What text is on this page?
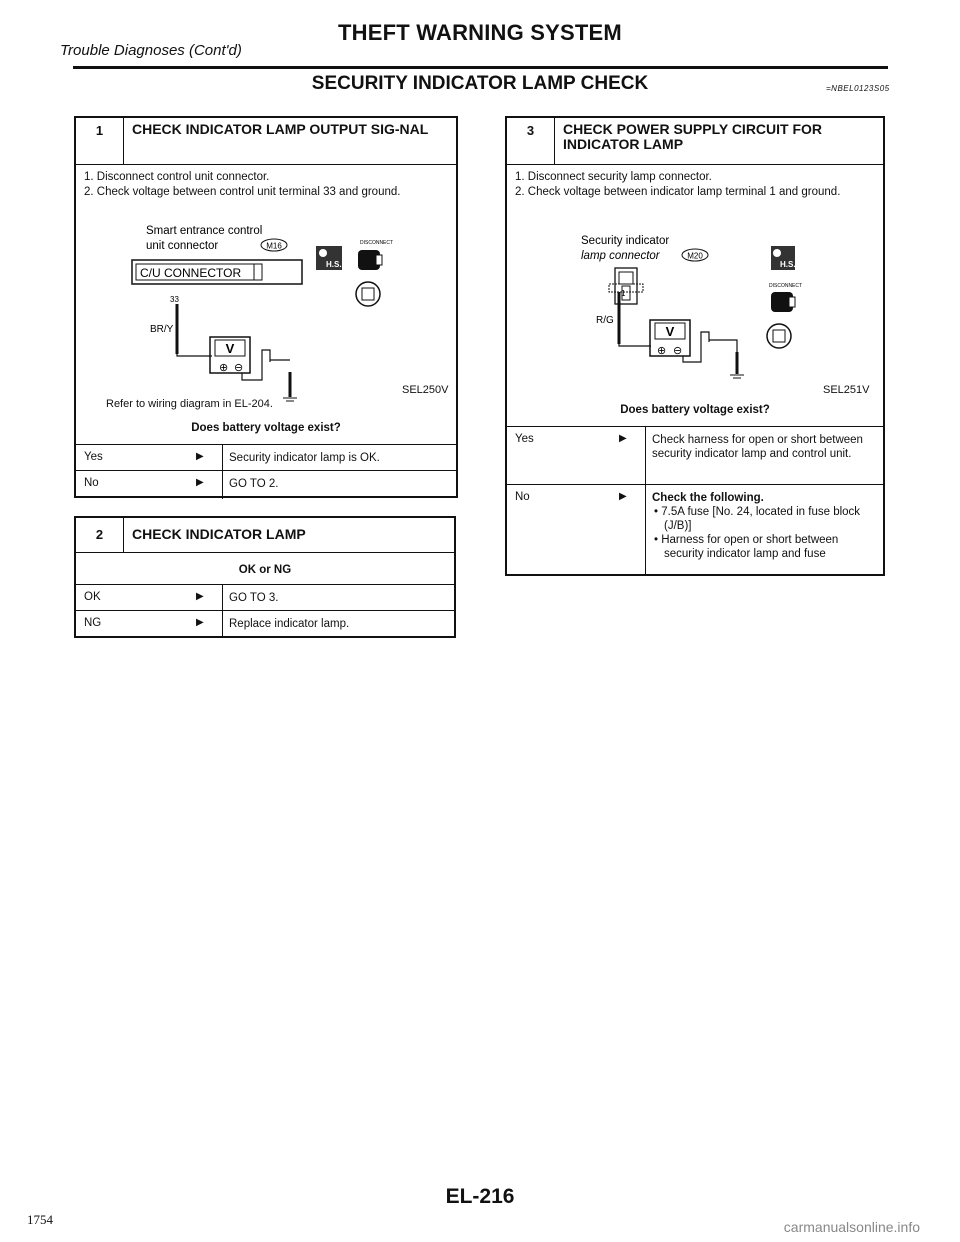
Trouble Diagnoses (Cont'd)
THEFT WARNING SYSTEM
SECURITY INDICATOR LAMP CHECK	=NBEL0123S05
1	CHECK INDICATOR LAMP OUTPUT SIG-NAL
1. Disconnect control unit connector.
2. Check voltage between control unit terminal 33 and ground.
Smart entrance control
unit connector	M16
C/U CONNECTOR
33
H.S.
DISCONNECT
BR/Y
V
⊕ ⊖
SEL250V
Refer to wiring diagram in EL-204.
Does battery voltage exist?
Yes	▶	Security indicator lamp is OK.
No	▶	GO TO 2.
2	CHECK INDICATOR LAMP
OK or NG
OK	▶	GO TO 3.
NG	▶	Replace indicator lamp.
3	CHECK POWER SUPPLY CIRCUIT FOR INDICATOR LAMP
1. Disconnect security lamp connector.
2. Check voltage between indicator lamp terminal 1 and ground.
Security indicator
lamp connector	M20
1
H.S.
DISCONNECT
R/G
V
⊕ ⊖
SEL251V
Does battery voltage exist?
Yes	▶	Check harness for open or short between security indicator lamp and control unit.
No	▶ Check the following.
• 7.5A fuse [No. 24, located in fuse block (J/B)]
• Harness for open or short between security indicator lamp and fuse
EL-216
1754	carmanualsonline.info
